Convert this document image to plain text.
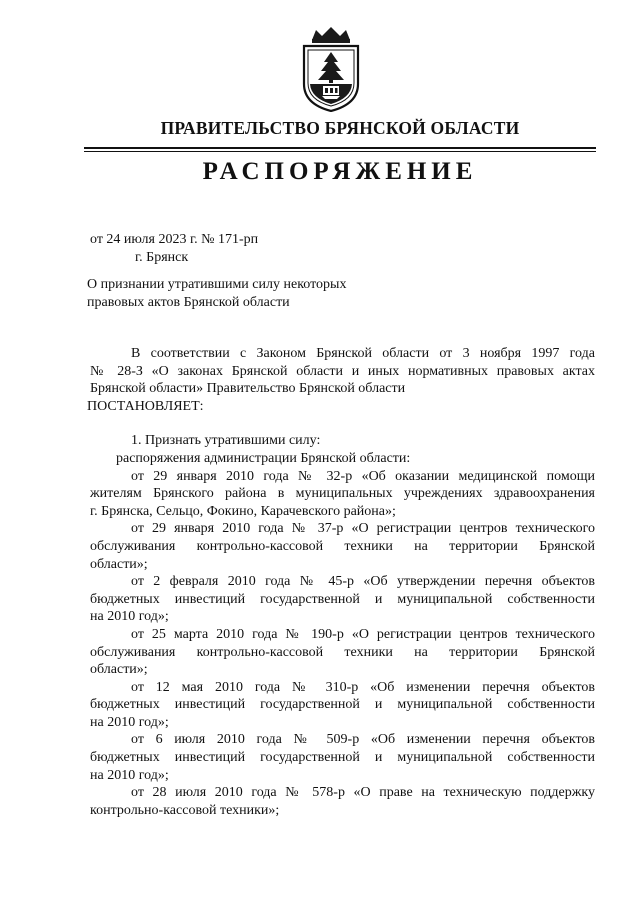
ПРАВИТЕЛЬСТВО БРЯНСКОЙ ОБЛАСТИ
РАСПОРЯЖЕНИЕ
от 24 июля 2023 г. № 171-рп
г. Брянск
О признании утратившими силу некоторых
правовых актов Брянской области
В соответствии с Законом Брянской области от 3 ноября 1997 года
№ 28-З «О законах Брянской области и иных нормативных правовых актах
Брянской области» Правительство Брянской области
ПОСТАНОВЛЯЕТ:
1. Признать утратившими силу:
распоряжения администрации Брянской области:
от 29 января 2010 года № 32-р «Об оказании медицинской помощи
жителям Брянского района в муниципальных учреждениях здравоохранения
г. Брянска, Сельцо, Фокино, Карачевского района»;
от 29 января 2010 года № 37-р «О регистрации центров технического
обслуживания контрольно-кассовой техники на территории Брянской
области»;
от 2 февраля 2010 года № 45-р «Об утверждении перечня объектов
бюджетных инвестиций государственной и муниципальной собственности
на 2010 год»;
от 25 марта 2010 года № 190-р «О регистрации центров технического
обслуживания контрольно-кассовой техники на территории Брянской
области»;
от 12 мая 2010 года № 310-р «Об изменении перечня объектов
бюджетных инвестиций государственной и муниципальной собственности
на 2010 год»;
от 6 июля 2010 года № 509-р «Об изменении перечня объектов
бюджетных инвестиций государственной и муниципальной собственности
на 2010 год»;
от 28 июля 2010 года № 578-р «О праве на техническую поддержку
контрольно-кассовой техники»;
